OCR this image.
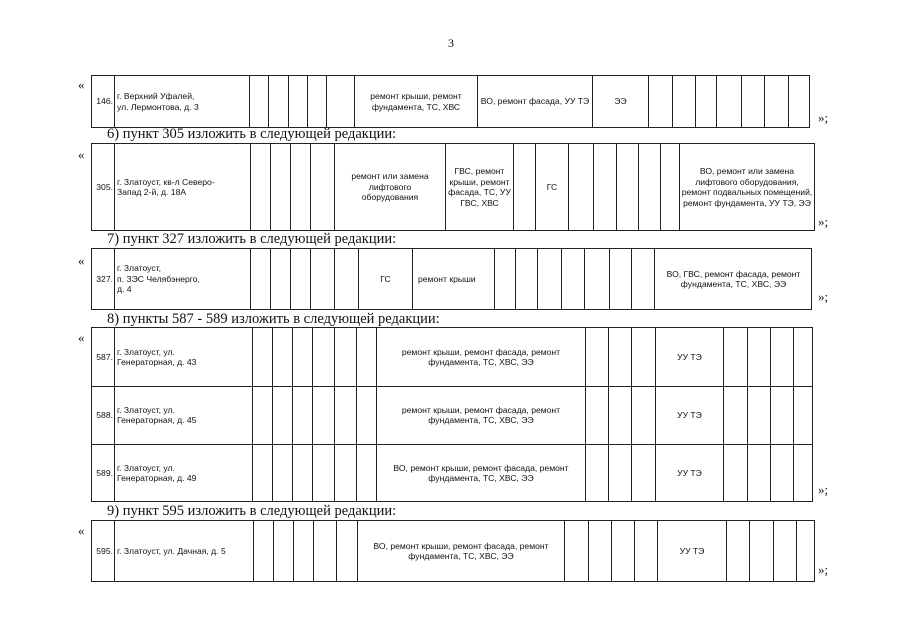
3
«
146.
г. Верхний Уфалей,
ул. Лермонтова, д. 3
ремонт крыши, ремонт фундамента, ТС, ХВС
ВО, ремонт фасада, УУ ТЭ	ЭЭ
»;
6) пункт 305 изложить в следующей редакции:
«
305.
г. Златоуст, кв-л Северо-
Запад 2-й, д. 18А
ремонт или замена лифтового оборудования
ГВС, ремонт крыши, ремонт фасада, ТС, УУ ГВС, ХВС
ГС
ВО, ремонт или замена лифтового оборудования, ремонт подвальных помещений, ремонт фундамента, УУ ТЭ, ЭЭ
»;
7) пункт 327 изложить в следующей редакции:
«
327.
г. Златоуст,
п. ЗЭС Челябэнерго,
д. 4
ГС	ремонт крыши
ВО, ГВС, ремонт фасада, ремонт фундамента, ТС, ХВС, ЭЭ
»;
8) пункты 587 - 589 изложить в следующей редакции:
«
587.
г. Златоуст, ул.
Генераторная, д. 43
ремонт крыши, ремонт фасада, ремонт фундамента, ТС, ХВС, ЭЭ
УУ ТЭ
588.
г. Златоуст, ул.
Генераторная, д. 45
ремонт крыши, ремонт фасада, ремонт фундамента, ТС, ХВС, ЭЭ
УУ ТЭ
589.
г. Златоуст, ул.
Генераторная, д. 49
ВО, ремонт крыши, ремонт фасада, ремонт фундамента, ТС, ХВС, ЭЭ
УУ ТЭ
»;
9) пункт 595 изложить в следующей редакции:
«
595. г. Златоуст, ул. Дачная, д. 5
ВО, ремонт крыши, ремонт фасада, ремонт фундамента, ТС, ХВС, ЭЭ
УУ ТЭ
»;
